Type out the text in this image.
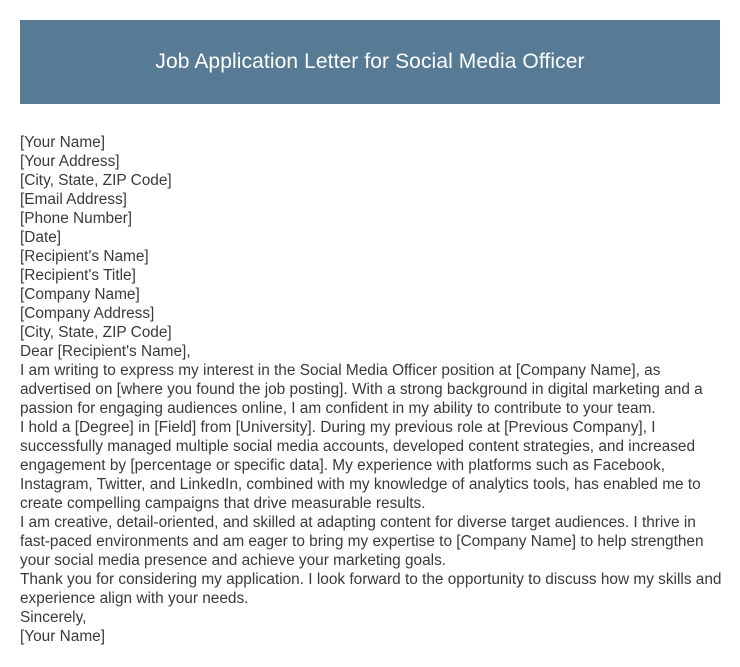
Job Application Letter for Social Media Officer
[Your Name]
[Your Address]
[City, State, ZIP Code]
[Email Address]
[Phone Number]
[Date]
[Recipient's Name]
[Recipient's Title]
[Company Name]
[Company Address]
[City, State, ZIP Code]
Dear [Recipient's Name],
I am writing to express my interest in the Social Media Officer position at [Company Name], as advertised on [where you found the job posting]. With a strong background in digital marketing and a passion for engaging audiences online, I am confident in my ability to contribute to your team.
I hold a [Degree] in [Field] from [University]. During my previous role at [Previous Company], I successfully managed multiple social media accounts, developed content strategies, and increased engagement by [percentage or specific data]. My experience with platforms such as Facebook, Instagram, Twitter, and LinkedIn, combined with my knowledge of analytics tools, has enabled me to create compelling campaigns that drive measurable results.
I am creative, detail-oriented, and skilled at adapting content for diverse target audiences. I thrive in fast-paced environments and am eager to bring my expertise to [Company Name] to help strengthen your social media presence and achieve your marketing goals.
Thank you for considering my application. I look forward to the opportunity to discuss how my skills and experience align with your needs.
Sincerely,
[Your Name]
